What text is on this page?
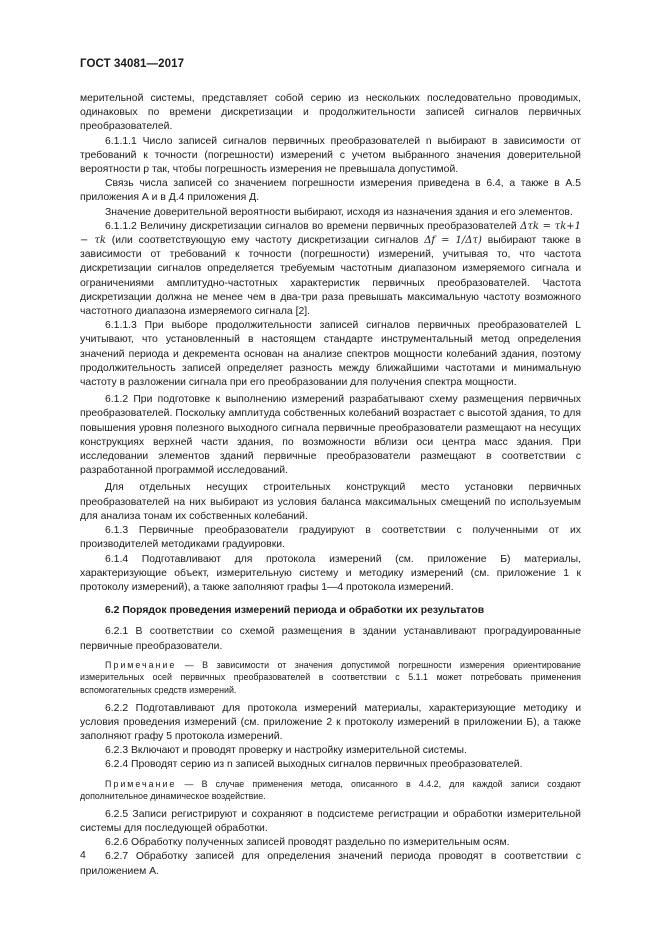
ГОСТ 34081—2017

мерительной системы, представляет собой серию из нескольких последовательно проводимых, одинаковых по времени дискретизации и продолжительности записей сигналов первичных преобразователей.

6.1.1.1 Число записей сигналов первичных преобразователей n выбирают в зависимости от требований к точности (погрешности) измерений с учетом выбранного значения доверительной вероятности p так, чтобы погрешность измерения не превышала допустимой.

Связь числа записей со значением погрешности измерения приведена в 6.4, а также в А.5 приложения А и в Д.4 приложения Д.

Значение доверительной вероятности выбирают, исходя из назначения здания и его элементов.

6.1.1.2 Величину дискретизации сигналов во времени первичных преобразователей Δτk = τk+1 − τk (или соответствующую ему частоту дискретизации сигналов Δf = 1/Δτ) выбирают также в зависимости от требований к точности (погрешности) измерений, учитывая то, что частота дискретизации сигналов определяется требуемым частотным диапазоном измеряемого сигнала и ограничениями амплитудно-частотных характеристик первичных преобразователей. Частота дискретизации должна не менее чем в два-три раза превышать максимальную частоту возможного частотного диапазона измеряемого сигнала [2].

6.1.1.3 При выборе продолжительности записей сигналов первичных преобразователей L учитывают, что установленный в настоящем стандарте инструментальный метод определения значений периода и декремента основан на анализе спектров мощности колебаний здания, поэтому продолжительность записей определяет разность между ближайшими частотами и минимальную частоту в разложении сигнала при его преобразовании для получения спектра мощности.

6.1.2 При подготовке к выполнению измерений разрабатывают схему размещения первичных преобразователей. Поскольку амплитуда собственных колебаний возрастает с высотой здания, то для повышения уровня полезного выходного сигнала первичные преобразователи размещают на несущих конструкциях верхней части здания, по возможности вблизи оси центра масс здания. При исследовании элементов зданий первичные преобразователи размещают в соответствии с разработанной программой исследований.

Для отдельных несущих строительных конструкций место установки первичных преобразователей на них выбирают из условия баланса максимальных смещений по используемым для анализа тонам их собственных колебаний.

6.1.3 Первичные преобразователи градуируют в соответствии с полученными от их производителей методиками градуировки.

6.1.4 Подготавливают для протокола измерений (см. приложение Б) материалы, характеризующие объект, измерительную систему и методику измерений (см. приложение 1 к протоколу измерений), а также заполняют графы 1—4 протокола измерений.

6.2 Порядок проведения измерений периода и обработки их результатов

6.2.1 В соответствии со схемой размещения в здании устанавливают проградуированные первичные преобразователи.

Примечание — В зависимости от значения допустимой погрешности измерения ориентирование измерительных осей первичных преобразователей в соответствии с 5.1.1 может потребовать применения вспомогательных средств измерений.

6.2.2 Подготавливают для протокола измерений материалы, характеризующие методику и условия проведения измерений (см. приложение 2 к протоколу измерений в приложении Б), а также заполняют графу 5 протокола измерений.

6.2.3 Включают и проводят проверку и настройку измерительной системы.

6.2.4 Проводят серию из n записей выходных сигналов первичных преобразователей.

Примечание — В случае применения метода, описанного в 4.4.2, для каждой записи создают дополнительное динамическое воздействие.

6.2.5 Записи регистрируют и сохраняют в подсистеме регистрации и обработки измерительной системы для последующей обработки.

6.2.6 Обработку полученных записей проводят раздельно по измерительным осям.

6.2.7 Обработку записей для определения значений периода проводят в соответствии с приложением А.

4
